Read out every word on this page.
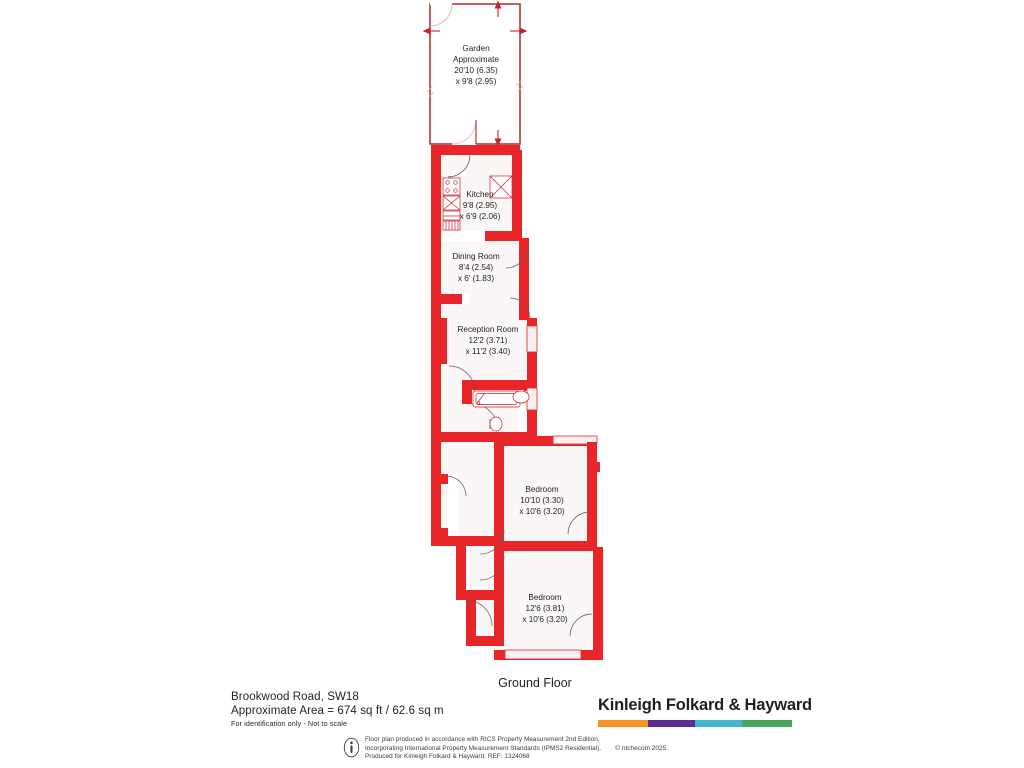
Garden
Approximate
20'10 (6.35)
x 9'8 (2.95)
Kitchen
9'8 (2.95)
x 6'9 (2.06)
Dining Room
8'4 (2.54)
x 6' (1.83)
Reception Room
12'2 (3.71)
x 11'2 (3.40)
Bedroom
10'10 (3.30)
x 10'6 (3.20)
Bedroom
12'6 (3.81)
x 10'6 (3.20)
Ground Floor
Brookwood Road, SW18
Approximate Area = 674 sq ft / 62.6 sq m
For identification only - Not to scale
Kinleigh Folkard & Hayward
Floor plan produced in accordance with RICS Property Measurement 2nd Edition,
Incorporating International Property Measurement Standards (IPMS2 Residential). © ntchecom 2025.
Produced for Kinleigh Folkard & Hayward. REF: 1324068
